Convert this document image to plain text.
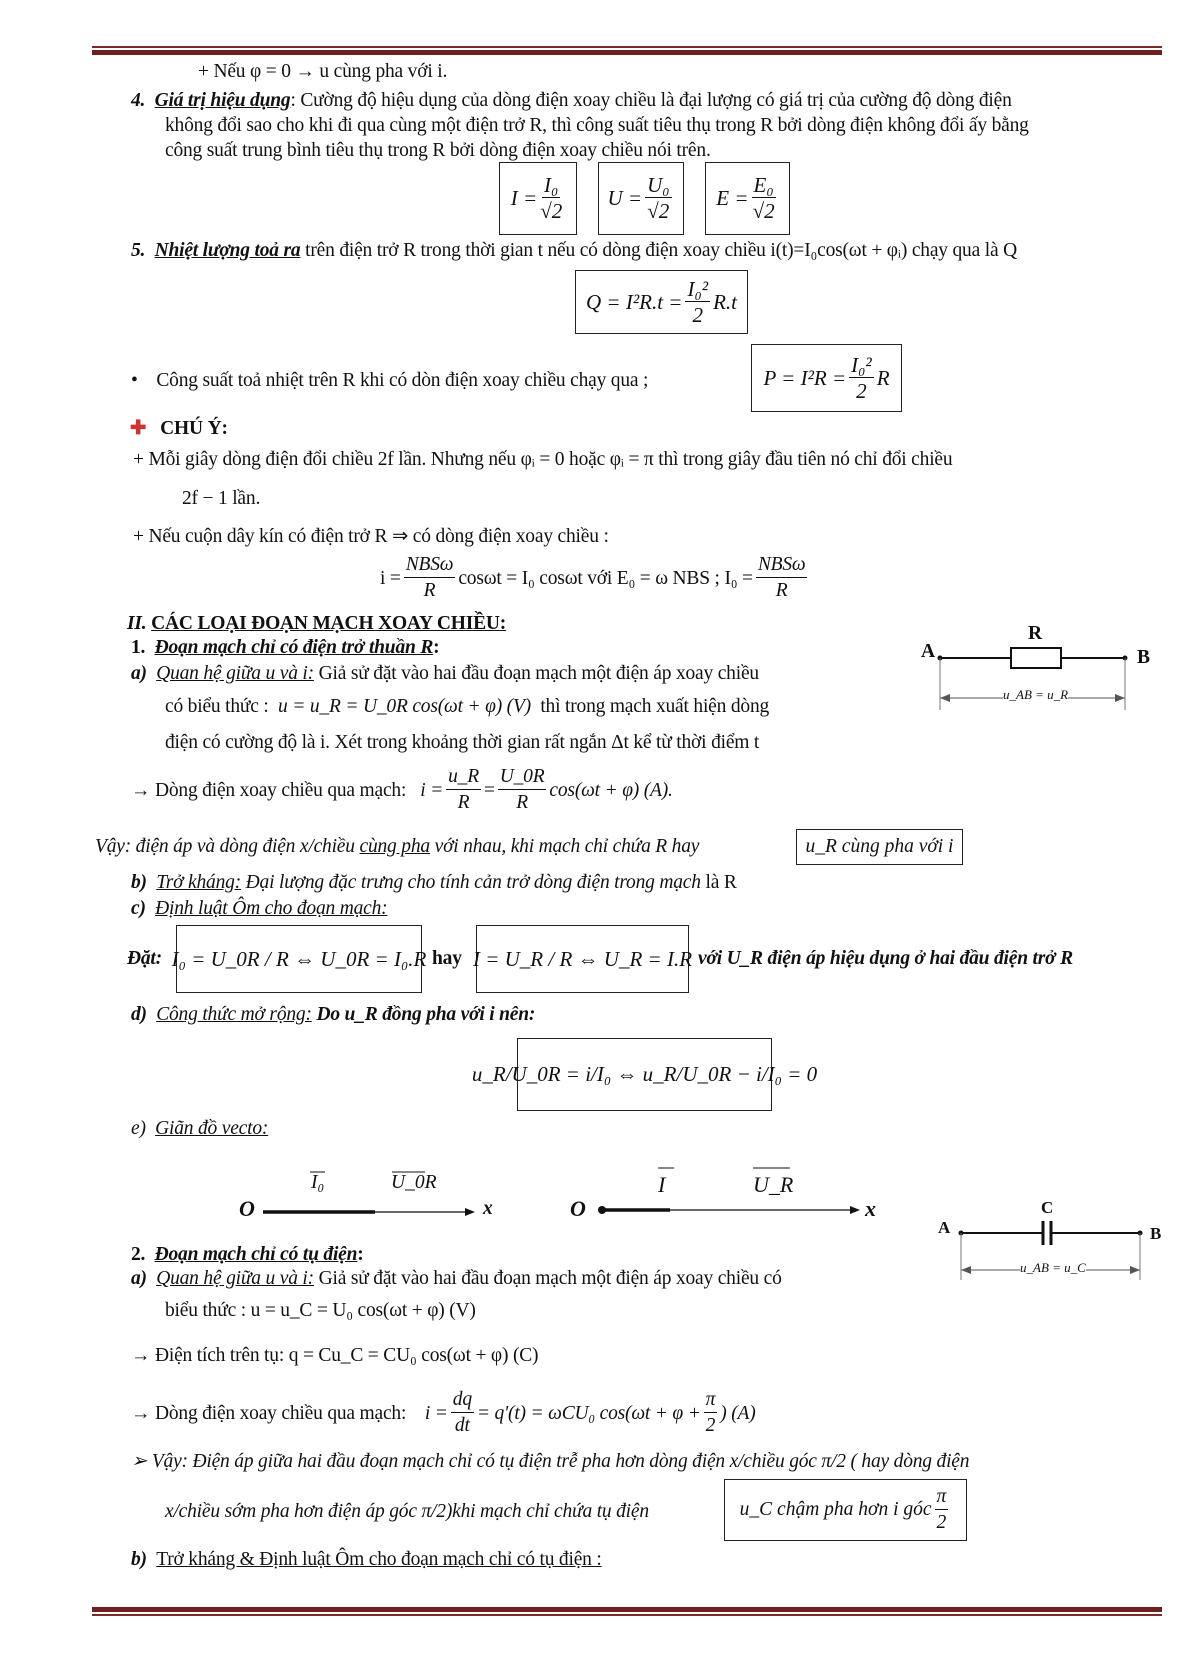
+ Nếu φ = 0 → u cùng pha với i.
4. Giá trị hiệu dụng: Cường độ hiệu dụng của dòng điện xoay chiều là đại lượng có giá trị của cường độ dòng điện
không đổi sao cho khi đi qua cùng một điện trở R, thì công suất tiêu thụ trong R bởi dòng điện không đổi ấy bằng
công suất trung bình tiêu thụ trong R bởi dòng điện xoay chiều nói trên.
$I = \frac{\text{I₀}}{√2}$ $U = \frac{\text{U₀}}{√2}$ $E = \frac{\text{E₀}}{√2}$
5. Nhiệt lượng toả ra trên điện trở R trong thời gian t nếu có dòng điện xoay chiều i(t)=I₀cos(ωt + φᵢ) chạy qua là Q
$Q = I^2R.t = \frac{\text{I₀²}}{2} R.t$
• Công suất toả nhiệt trên R khi có dòn điện xoay chiều chạy qua ;	$P = I^2R = \frac{\text{I₀²}}{2}$ R
✚ CHÚ Ý:
+ Mỗi giây dòng điện đổi chiều 2f lần. Nhưng nếu φᵢ = 0 hoặc φᵢ = π thì trong giây đầu tiên nó chỉ đổi chiều
2f − 1 lần.
+ Nếu cuộn dây kín có điện trở R ⇒ có dòng điện xoay chiều :
$i = \frac{\text{NBSω}}{R}$ cosωt = I₀ cosωt với E₀ = ω NBS ; $I_0 = \frac{\text{NBSω}}{R}$
II. CÁC LOẠI ĐOẠN MẠCH XOAY CHIỀU:
1. Đoạn mạch chỉ có điện trở thuần R:
a) Quan hệ giữa u và i: Giả sử đặt vào hai đầu đoạn mạch một điện áp xoay chiều
có biểu thức : u = u_R = U_0R cos(ωt + φ) (V) thì trong mạch xuất hiện dòng
điện có cường độ là i. Xét trong khoảng thời gian rất ngắn Δt kể từ thời điểm t
→ Dòng điện xoay chiều qua mạch:
$i = \frac{u\_R}{R} = \frac{U\_0R}{R} \cos(\omega t + \varphi)$ (A).
Vậy: điện áp và dòng điện x/chiều cùng pha với nhau, khi mạch chỉ chứa R hay	u_R cùng pha với i
b) Trở kháng: Đại lượng đặc trưng cho tính cản trở dòng điện trong mạch là R
c) Định luật Ôm cho đoạn mạch:
Đặt: I₀ = U_0R / R ⇔ U_0R = I₀.R hay I = U_R / R ⇔ U_R = I.R với U_R điện áp hiệu dụng ở hai đầu điện trở R
d) Công thức mở rộng: Do u_R đồng pha với i nên:
u_R/U_0R = i/I₀ ⇔ u_R/U_0R − i/I₀ = 0
e) Giãn đồ vecto:
O
I₀	U_0R
x	O
I	U_R
x
A	B
R
u_AB = u_R
2. Đoạn mạch chỉ có tụ điện:
a) Quan hệ giữa u và i: Giả sử đặt vào hai đầu đoạn mạch một điện áp xoay chiều có
biểu thức : u = u_C = U₀ cos(ωt + φ) (V)
→ Điện tích trên tụ: q = Cu_C = CU₀ cos(ωt + φ) (C)
→ Dòng điện xoay chiều qua mạch:
$i = \frac{dq}{dt} = q'(t) = \omega CU_0$ $\cos(\omega t + \varphi + \frac{\pi}{2}$ ) (A)
➢ Vậy: Điện áp giữa hai đầu đoạn mạch chỉ có tụ điện trễ pha hơn dòng điện x/chiều góc π/2 ( hay dòng điện
x/chiều sớm pha hơn điện áp góc π/2)khi mạch chỉ chứa tụ điện	u_C chậm pha hơn i góc $\frac{\pi}{2}$
b) Trở kháng & Định luật Ôm cho đoạn mạch chỉ có tụ điện :
A	B
C
u_AB = u_C
